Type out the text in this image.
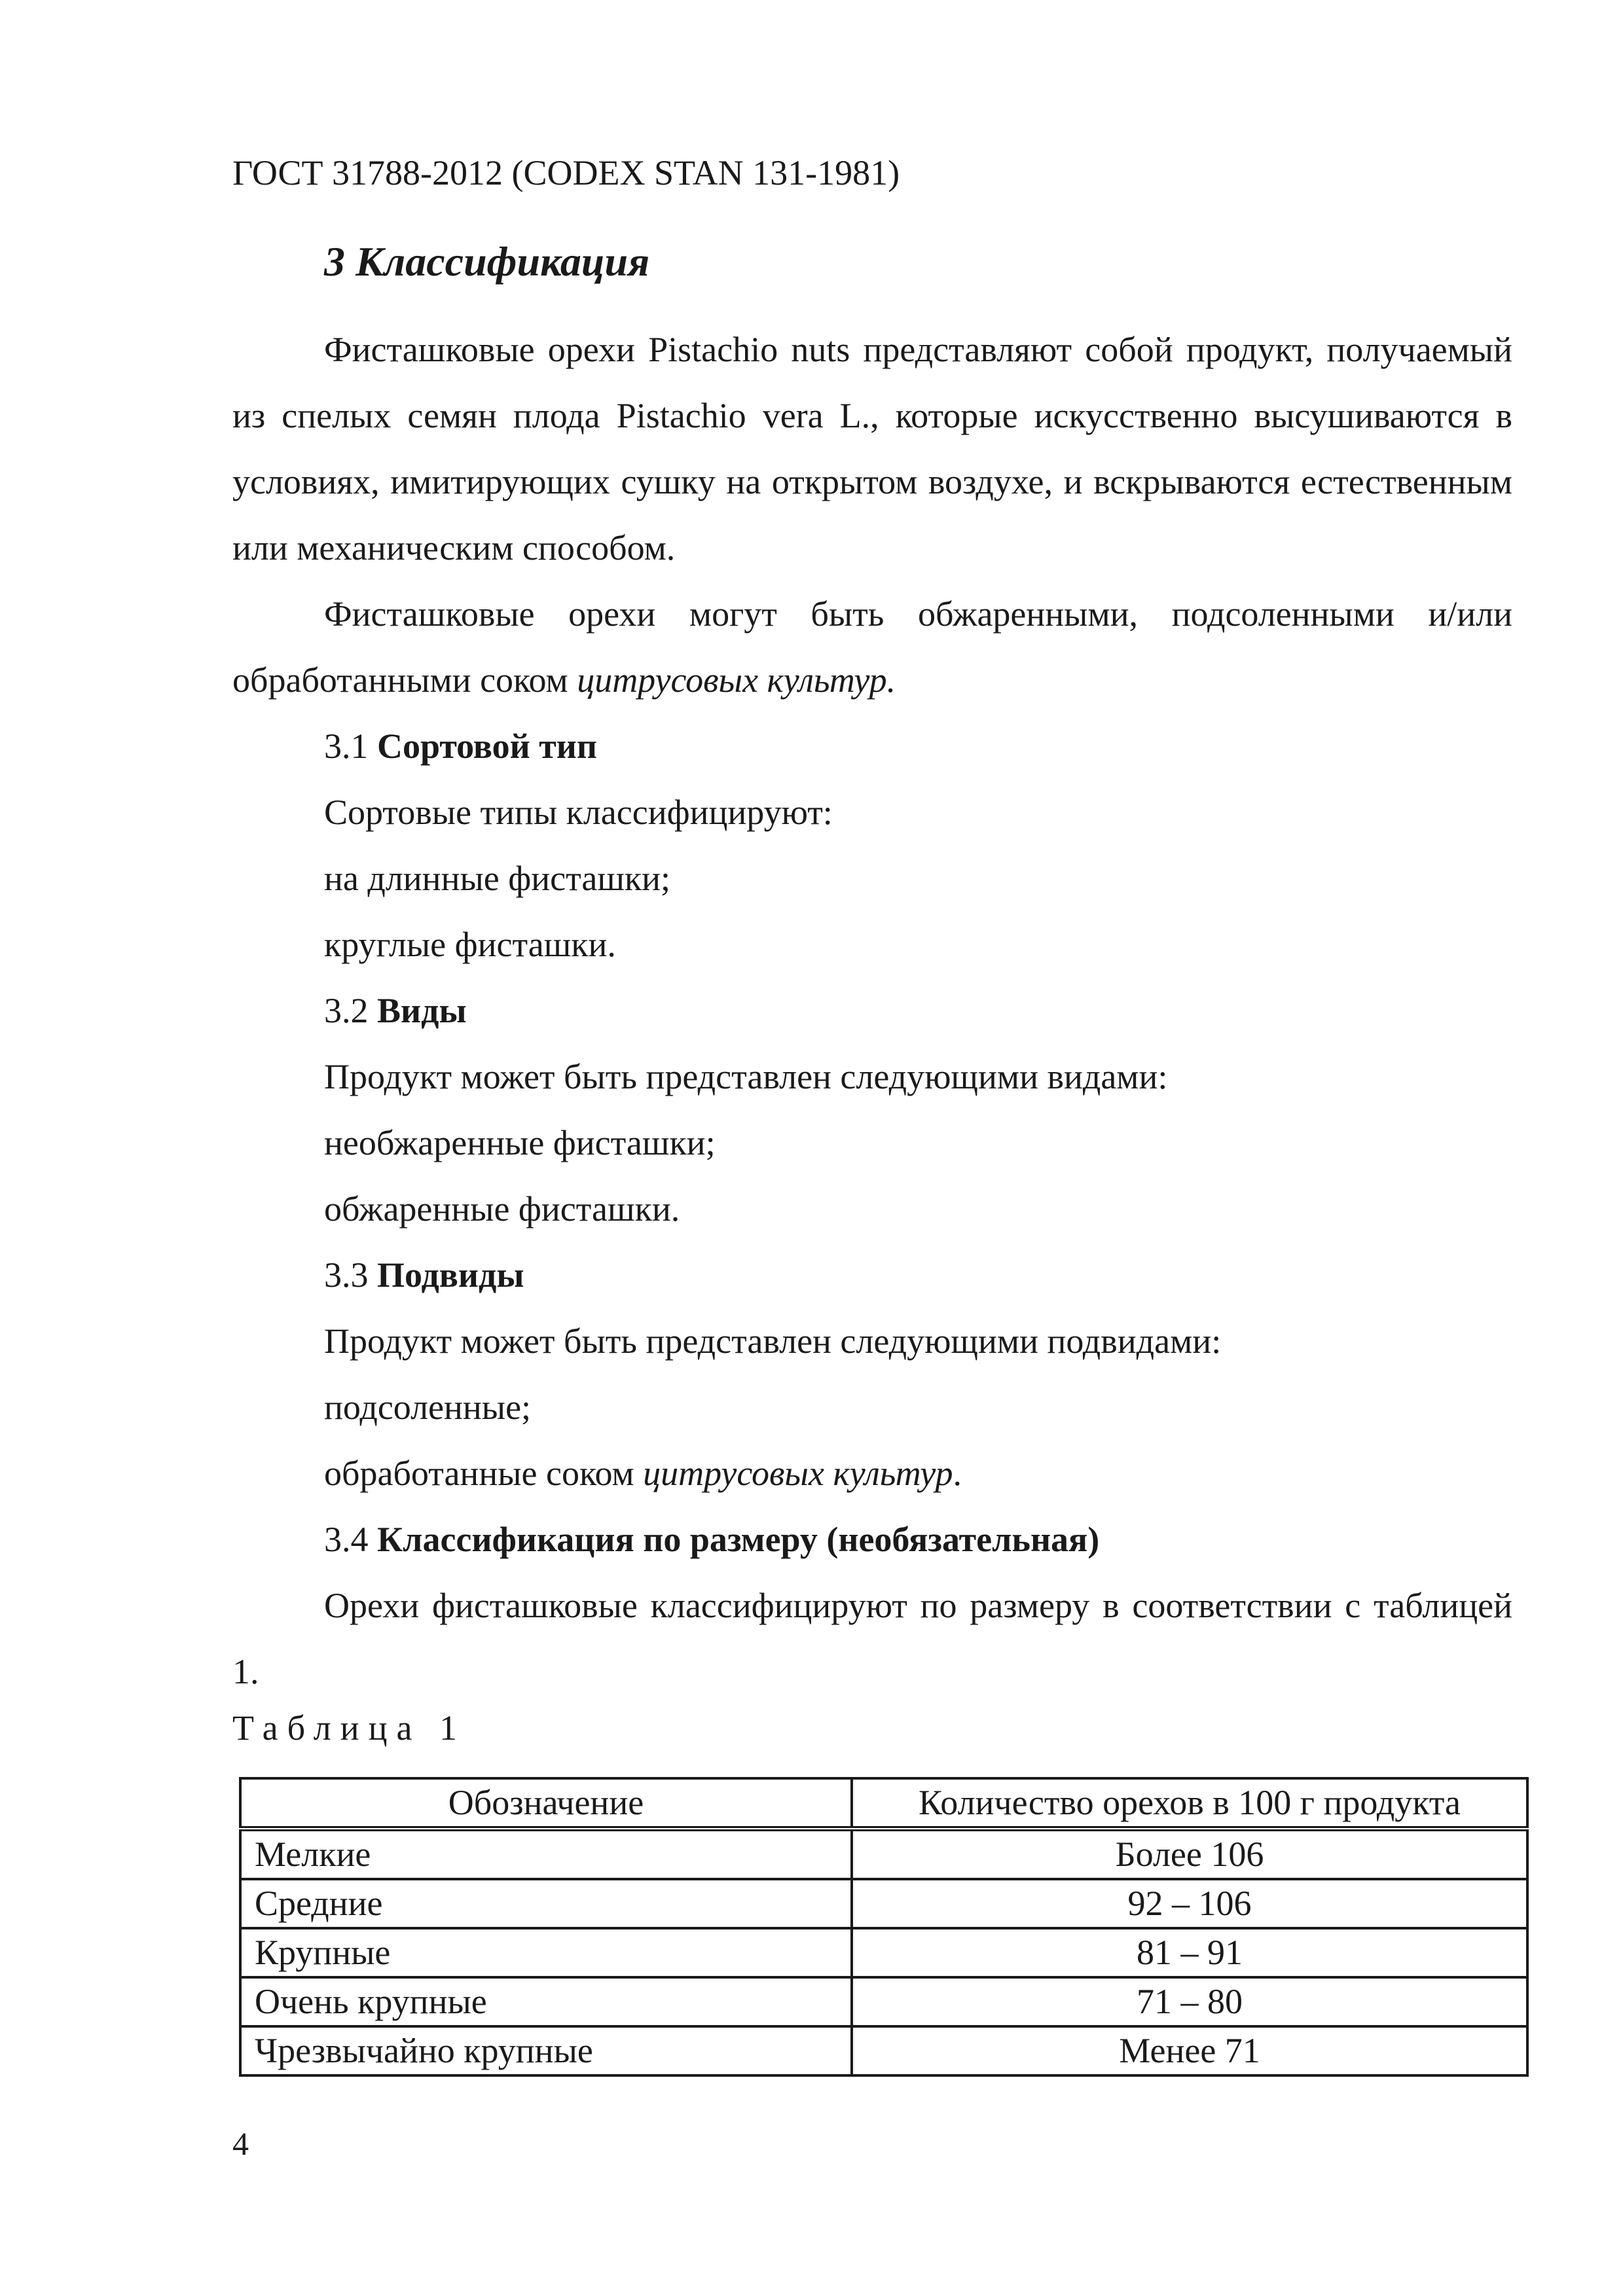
ГОСТ 31788-2012 (CODEX STAN 131-1981)
3 Классификация

Фисташковые орехи Pistachio nuts представляют собой продукт, получаемый из спелых семян плода Pistachio vera L., которые искусственно высушиваются в условиях, имитирующих сушку на открытом воздухе, и вскрываются естественным или механическим способом.

Фисташковые орехи могут быть обжаренными, подсоленными и/или обработанными соком цитрусовых культур.

3.1 Сортовой тип

Сортовые типы классифицируют:

на длинные фисташки;

круглые фисташки.

3.2 Виды

Продукт может быть представлен следующими видами:

необжаренные фисташки;

обжаренные фисташки.

3.3 Подвиды

Продукт может быть представлен следующими подвидами:

подсоленные;

обработанные соком цитрусовых культур.

3.4 Классификация по размеру (необязательная)

Орехи фисташковые классифицируют по размеру в соответствии с таблицей 1.

Таблица 1
Обозначение	Количество орехов в 100 г продукта
Мелкие	Более 106
Средние	92 – 106
Крупные	81 – 91
Очень крупные	71 – 80
Чрезвычайно крупные	Менее 71
4
